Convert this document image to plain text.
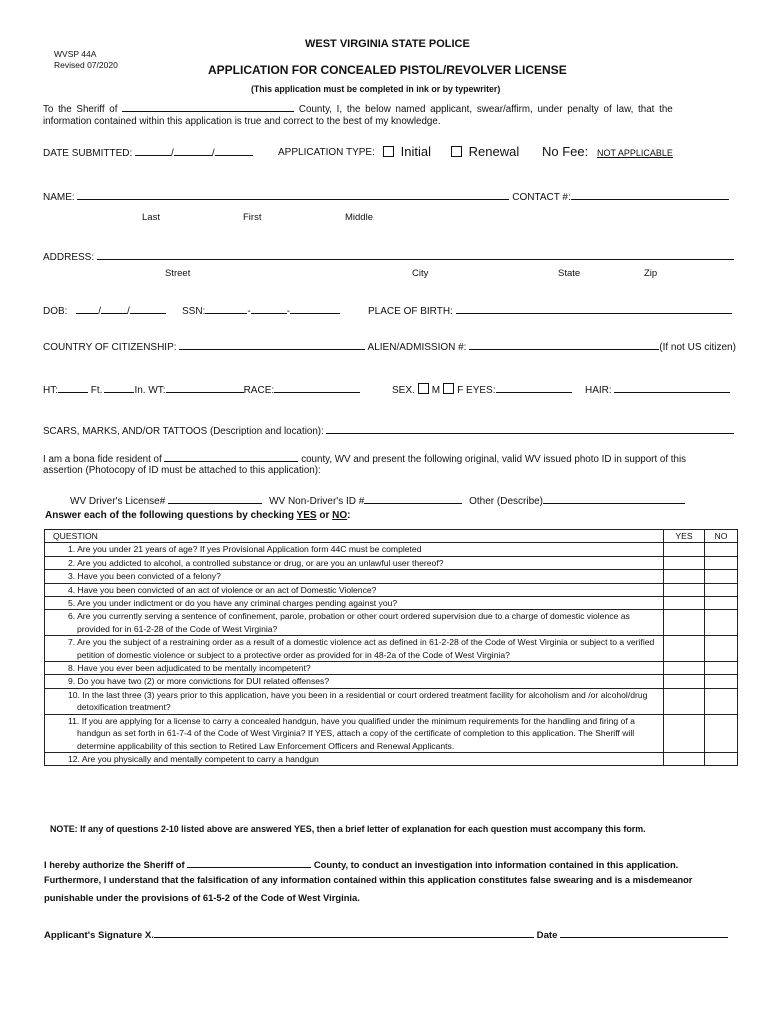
WVSP 44A
Revised 07/2020
WEST VIRGINIA STATE POLICE
APPLICATION FOR CONCEALED PISTOL/REVOLVER LICENSE
(This application must be completed in ink or by typewriter)
To the Sheriff of	County, I, the below named applicant, swear/affirm, under penalty of law, that the
information contained within this application is true and correct to the best of my knowledge.
DATE SUBMITTED:	/	/	APPLICATION TYPE:	Initial	Renewal No Fee: NOT APPLICABLE
NAME:	CONTACT #:
Last	First	Middle
ADDRESS:
Street	City	State	Zip
DOB:	/	/	SSN:	-	-	PLACE OF BIRTH:
COUNTRY OF CITIZENSHIP:	ALIEN/ADMISSION #:	(If not US citizen)
HT:	Ft.	In. WT:	RACE:	SEX. M F EYES:	HAIR:
SCARS, MARKS, AND/OR TATTOOS (Description and location):
I am a bona fide resident of	county, WV and present the following original, valid WV issued photo ID in support of this
assertion (Photocopy of ID must be attached to this application):
WV Driver's License#	WV Non-Driver's ID #	Other (Describe)
Answer each of the following questions by checking YES or NO:
QUESTION	YES	NO

1. Are you under 21 years of age? If yes Provisional Application form 44C must be completed		

2. Are you addicted to alcohol, a controlled substance or drug, or are you an unlawful user thereof?		

3. Have you been convicted of a felony?		

4. Have you been convicted of an act of violence or an act of Domestic Violence?		

5. Are you under indictment or do you have any criminal charges pending against you?		

6. Are you currently serving a sentence of confinement, parole, probation or other court ordered supervision due to a charge of domestic violence as provided for in 61-2-28 of the Code of West Virginia?		

7. Are you the subject of a restraining order as a result of a domestic violence act as defined in 61-2-28 of the Code of West Virginia or subject to a verified petition of domestic violence or subject to a protective order as provided for in 48-2a of the Code of West Virginia?		

8. Have you ever been adjudicated to be mentally incompetent?		

9. Do you have two (2) or more convictions for DUI related offenses?		

10. In the last three (3) years prior to this application, have you been in a residential or court ordered treatment facility for alcoholism and /or alcohol/drug detoxification treatment?		

11. If you are applying for a license to carry a concealed handgun, have you qualified under the minimum requirements for the handling and firing of a handgun as set forth in 61-7-4 of the Code of West Virginia? If YES, attach a copy of the certificate of completion to this application. The Sheriff will determine applicability of this section to Retired Law Enforcement Officers and Renewal Applicants.		

12. Are you physically and mentally competent to carry a handgun		

NOTE: If any of questions 2-10 listed above are answered YES, then a brief letter of explanation for each question must accompany this form.
I hereby authorize the Sheriff of	County, to conduct an investigation into information contained in this application.
Furthermore, I understand that the falsification of any information contained within this application constitutes false swearing and is a misdemeanor
punishable under the provisions of 61-5-2 of the Code of West Virginia.
Applicant's Signature X.	Date
